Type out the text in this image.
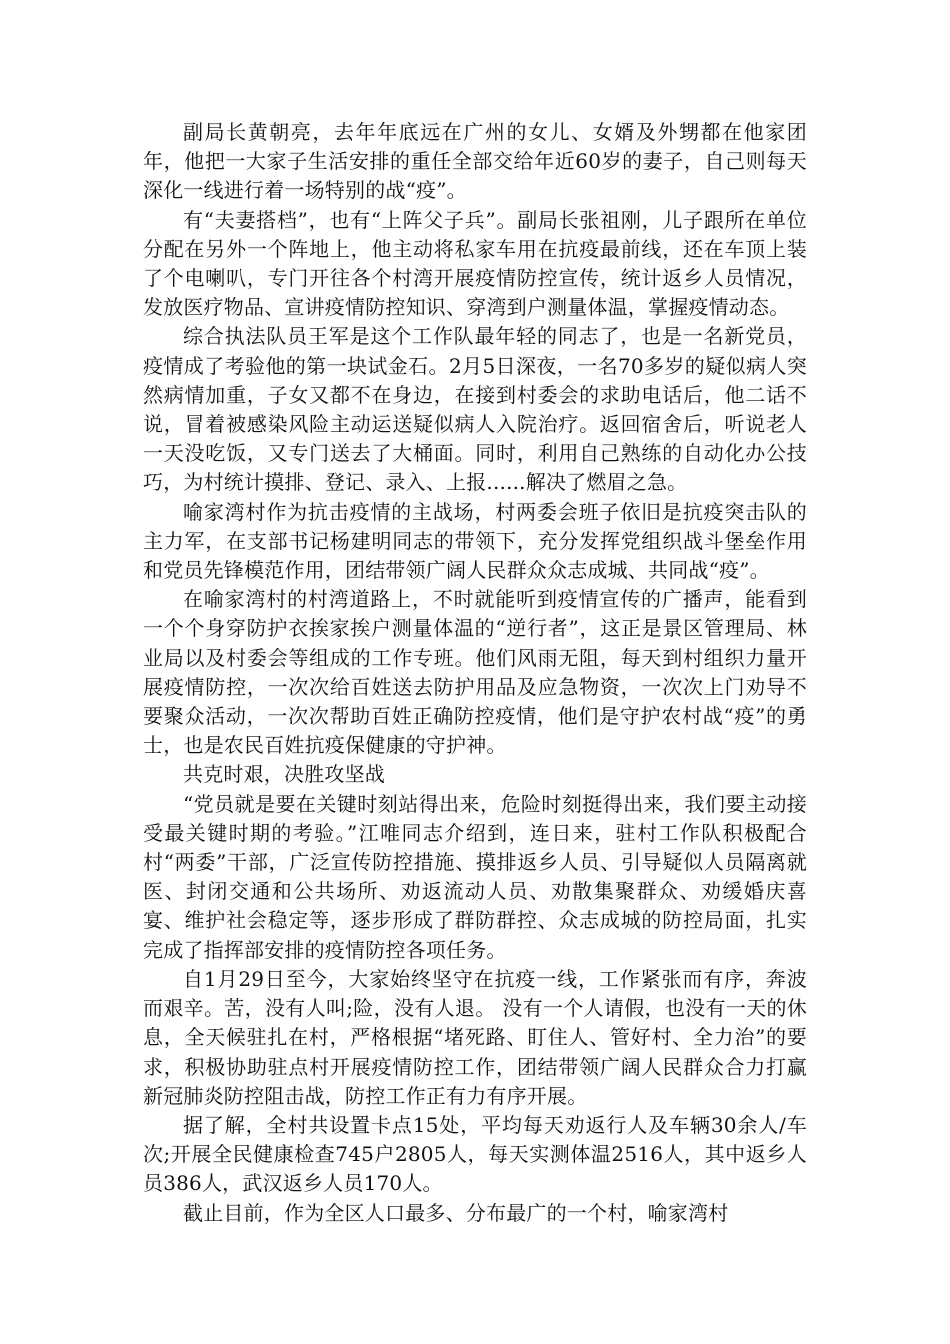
副局长黄朝亮，去年年底远在广州的女儿、女婿及外甥都在他家团年，他把一大家子生活安排的重任全部交给年近60岁的妻子，自己则每天深化一线进行着一场特别的战“疫”。

有“夫妻搭档”，也有“上阵父子兵”。副局长张祖刚，儿子跟所在单位分配在另外一个阵地上，他主动将私家车用在抗疫最前线，还在车顶上装了个电喇叭，专门开往各个村湾开展疫情防控宣传，统计返乡人员情况，发放医疗物品、宣讲疫情防控知识、穿湾到户测量体温，掌握疫情动态。

综合执法队员王军是这个工作队最年轻的同志了，也是一名新党员，疫情成了考验他的第一块试金石。2月5日深夜，一名70多岁的疑似病人突然病情加重，子女又都不在身边，在接到村委会的求助电话后，他二话不说，冒着被感染风险主动运送疑似病人入院治疗。返回宿舍后，听说老人一天没吃饭，又专门送去了大桶面。同时，利用自己熟练的自动化办公技巧，为村统计摸排、登记、录入、上报......解决了燃眉之急。

喻家湾村作为抗击疫情的主战场，村两委会班子依旧是抗疫突击队的主力军，在支部书记杨建明同志的带领下，充分发挥党组织战斗堡垒作用和党员先锋模范作用，团结带领广阔人民群众众志成城、共同战“疫”。

在喻家湾村的村湾道路上，不时就能听到疫情宣传的广播声，能看到一个个身穿防护衣挨家挨户测量体温的“逆行者”，这正是景区管理局、林业局以及村委会等组成的工作专班。他们风雨无阻，每天到村组织力量开展疫情防控，一次次给百姓送去防护用品及应急物资，一次次上门劝导不要聚众活动，一次次帮助百姓正确防控疫情，他们是守护农村战“疫”的勇士，也是农民百姓抗疫保健康的守护神。

共克时艰，决胜攻坚战

“党员就是要在关键时刻站得出来，危险时刻挺得出来，我们要主动接受最关键时期的考验。”江唯同志介绍到，连日来，驻村工作队积极配合村“两委”干部，广泛宣传防控措施、摸排返乡人员、引导疑似人员隔离就医、封闭交通和公共场所、劝返流动人员、劝散集聚群众、劝缓婚庆喜宴、维护社会稳定等，逐步形成了群防群控、众志成城的防控局面，扎实完成了指挥部安排的疫情防控各项任务。

自1月29日至今，大家始终坚守在抗疫一线，工作紧张而有序，奔波而艰辛。苦，没有人叫;险，没有人退。 没有一个人请假，也没有一天的休息，全天候驻扎在村，严格根据“堵死路、盯住人、管好村、全力治”的要求，积极协助驻点村开展疫情防控工作，团结带领广阔人民群众合力打赢新冠肺炎防控阻击战，防控工作正有力有序开展。

据了解，全村共设置卡点15处，平均每天劝返行人及车辆30余人/车次;开展全民健康检查745户2805人，每天实测体温2516人，其中返乡人员386人，武汉返乡人员170人。

截止目前，作为全区人口最多、分布最广的一个村，喻家湾村
